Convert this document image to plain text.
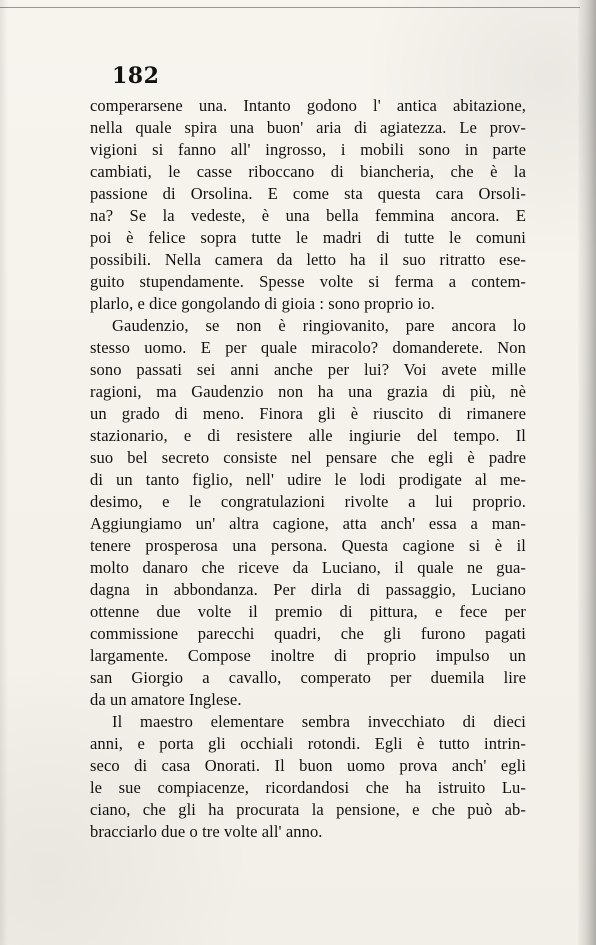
182
comperarsene una. Intanto godono l' antica abitazione,
nella quale spira una buon' aria di agiatezza. Le prov-
vigioni si fanno all' ingrosso, i mobili sono in parte
cambiati, le casse riboccano di biancheria, che è la
passione di Orsolina. E come sta questa cara Orsoli-
na? Se la vedeste, è una bella femmina ancora. E
poi è felice sopra tutte le madri di tutte le comuni
possibili. Nella camera da letto ha il suo ritratto ese-
guito stupendamente. Spesse volte si ferma a contem-
plarlo, e dice gongolando di gioia : sono proprio io.
Gaudenzio, se non è ringiovanito, pare ancora lo
stesso uomo. E per quale miracolo? domanderete. Non
sono passati sei anni anche per lui? Voi avete mille
ragioni, ma Gaudenzio non ha una grazia di più, nè
un grado di meno. Finora gli è riuscito di rimanere
stazionario, e di resistere alle ingiurie del tempo. Il
suo bel secreto consiste nel pensare che egli è padre
di un tanto figlio, nell' udire le lodi prodigate al me-
desimo, e le congratulazioni rivolte a lui proprio.
Aggiungiamo un' altra cagione, atta anch' essa a man-
tenere prosperosa una persona. Questa cagione si è il
molto danaro che riceve da Luciano, il quale ne gua-
dagna in abbondanza. Per dirla di passaggio, Luciano
ottenne due volte il premio di pittura, e fece per
commissione parecchi quadri, che gli furono pagati
largamente. Compose inoltre di proprio impulso un
san Giorgio a cavallo, comperato per duemila lire
da un amatore Inglese.
Il maestro elementare sembra invecchiato di dieci
anni, e porta gli occhiali rotondi. Egli è tutto intrin-
seco di casa Onorati. Il buon uomo prova anch' egli
le sue compiacenze, ricordandosi che ha istruito Lu-
ciano, che gli ha procurata la pensione, e che può ab-
bracciarlo due o tre volte all' anno.
